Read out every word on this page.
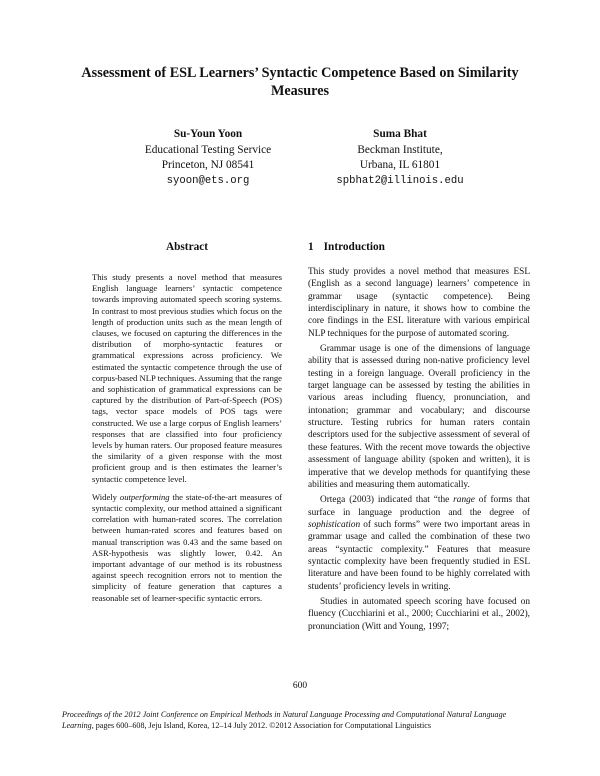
Assessment of ESL Learners’ Syntactic Competence Based on Similarity Measures
Su-Youn Yoon
Educational Testing Service
Princeton, NJ 08541
syoon@ets.org
Suma Bhat
Beckman Institute,
Urbana, IL 61801
spbhat2@illinois.edu
Abstract	1 Introduction

This study presents a novel method that measures English language learners’ syntactic competence towards improving automated speech scoring systems. In contrast to most previous studies which focus on the length of production units such as the mean length of clauses, we focused on capturing the differences in the distribution of morpho-syntactic features or grammatical expressions across proficiency. We estimated the syntactic competence through the use of corpus-based NLP techniques. Assuming that the range and sophistication of grammatical expressions can be captured by the distribution of Part-of-Speech (POS) tags, vector space models of POS tags were constructed. We use a large corpus of English learners’ responses that are classified into four proficiency levels by human raters. Our proposed feature measures the similarity of a given response with the most proficient group and is then estimates the learner’s syntactic competence level.

Widely outperforming the state-of-the-art measures of syntactic complexity, our method attained a significant correlation with human-rated scores. The correlation between human-rated scores and features based on manual transcription was 0.43 and the same based on ASR-hypothesis was slightly lower, 0.42. An important advantage of our method is its robustness against speech recognition errors not to mention the simplicity of feature generation that captures a reasonable set of learner-specific syntactic errors.

This study provides a novel method that measures ESL (English as a second language) learners’ competence in grammar usage (syntactic competence). Being interdisciplinary in nature, it shows how to combine the core findings in the ESL literature with various empirical NLP techniques for the purpose of automated scoring.

Grammar usage is one of the dimensions of language ability that is assessed during non-native proficiency level testing in a foreign language. Overall proficiency in the target language can be assessed by testing the abilities in various areas including fluency, pronunciation, and intonation; grammar and vocabulary; and discourse structure. Testing rubrics for human raters contain descriptors used for the subjective assessment of several of these features. With the recent move towards the objective assessment of language ability (spoken and written), it is imperative that we develop methods for quantifying these abilities and measuring them automatically.

Ortega (2003) indicated that “the range of forms that surface in language production and the degree of sophistication of such forms” were two important areas in grammar usage and called the combination of these two areas “syntactic complexity.” Features that measure syntactic complexity have been frequently studied in ESL literature and have been found to be highly correlated with students’ proficiency levels in writing.

Studies in automated speech scoring have focused on fluency (Cucchiarini et al., 2000; Cucchiarini et al., 2002), pronunciation (Witt and Young, 1997;

600
Proceedings of the 2012 Joint Conference on Empirical Methods in Natural Language Processing and Computational Natural Language Learning, pages 600–608, Jeju Island, Korea, 12–14 July 2012. ©2012 Association for Computational Linguistics
